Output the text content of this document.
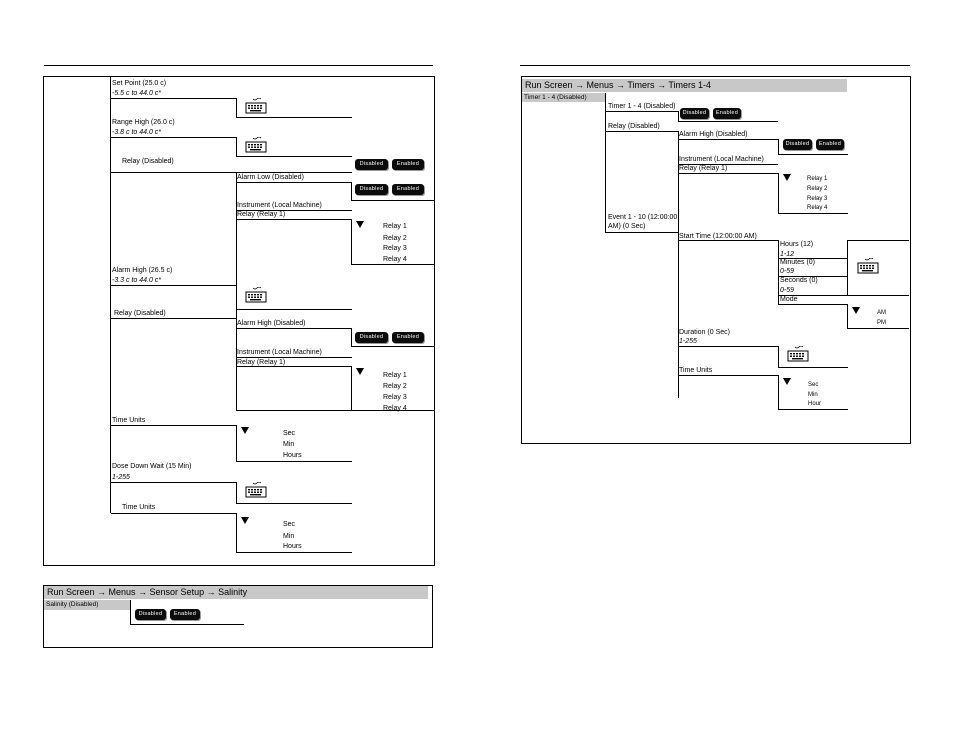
Set Point (25.0 c)
-5.5 c to 44.0 c*
Range High (26.0 c)
-3.8 c to 44.0 c*
Relay (Disabled)	Disabled	Enabled
Alarm Low (Disabled)
Disabled	Enabled
Instrument (Local Machine)
Relay (Relay 1)
Relay 1
Relay 2
Relay 3
Relay 4
Alarm High (26.5 c)
-3.3 c to 44.0 c*
Relay (Disabled)
Alarm High (Disabled)
Disabled	Enabled
Instrument (Local Machine)
Relay (Relay 1)
Relay 1
Relay 2
Relay 3
Relay 4
Time Units
Sec
Min
Hours
Dose Down Wait (15 Min)
1-255
Time Units
Sec
Min
Hours
Run Screen → Menus → Sensor Setup → Salinity
Salinity (Disabled)
Disabled	Enabled
Run Screen → Menus → Timers → Timers 1-4
Timer 1 - 4 (Disabled)
Timer 1 - 4 (Disabled)
Disabled	Enabled
Relay (Disabled)
Alarm High (Disabled)
Disabled	Enabled
Instrument (Local Machine)
Relay (Relay 1)
Relay 1
Relay 2
Relay 3
Relay 4
Event 1 - 10 (12:00:00
AM) (0 Sec)
Start Time (12:00:00 AM)
Hours (12)
1-12
Minutes (0)
0-59
Seconds (0)
0-59
Mode
AM
PM
Duration (0 Sec)
1-255
Time Units
Sec
Min
Hour
